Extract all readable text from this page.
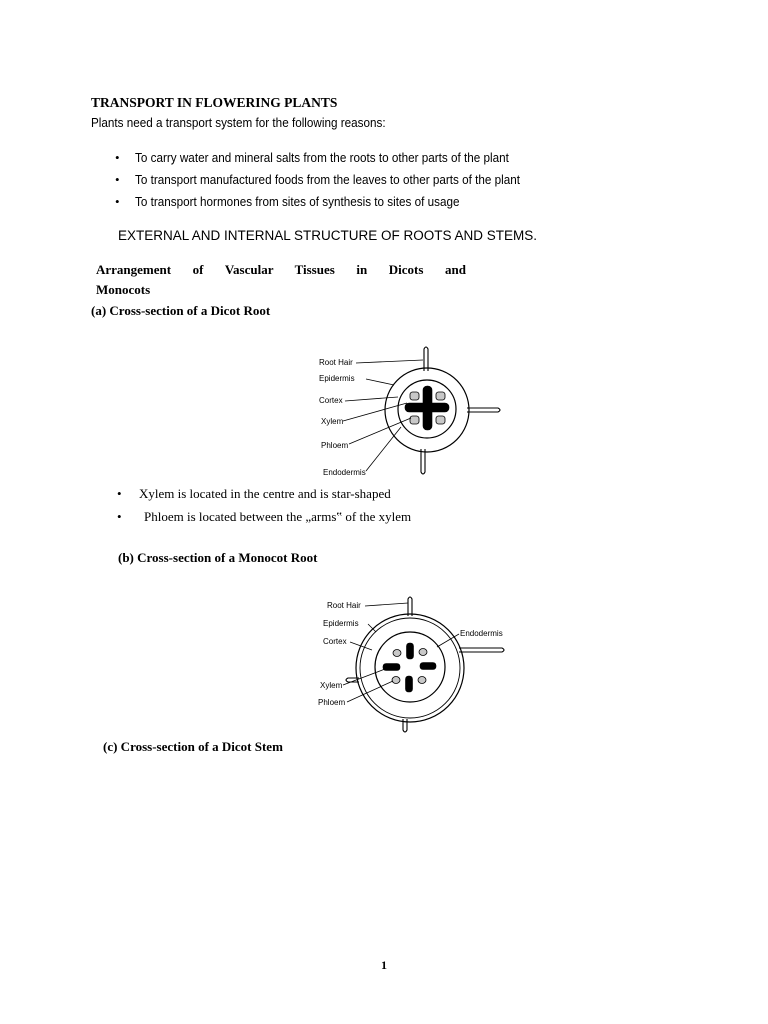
TRANSPORT IN FLOWERING PLANTS
Plants need a transport system for the following reasons:
• To carry water and mineral salts from the roots to other parts of the plant
• To transport manufactured foods from the leaves to other parts of the plant
• To transport hormones from sites of synthesis to sites of usage
EXTERNAL AND INTERNAL STRUCTURE OF ROOTS AND STEMS.
Arrangement of Vascular Tissues in Dicots and
Monocots
(a) Cross-section of a Dicot Root
Root Hair
Epidermis
Cortex
Xylem
Phloem
Endodermis
• Xylem is located in the centre and is star-shaped
• Phloem is located between the „arms‟ of the xylem
(b) Cross-section of a Monocot Root
Root Hair
Epidermis
Cortex
Endodermis
Xylem
Phloem
(c) Cross-section of a Dicot Stem
1
